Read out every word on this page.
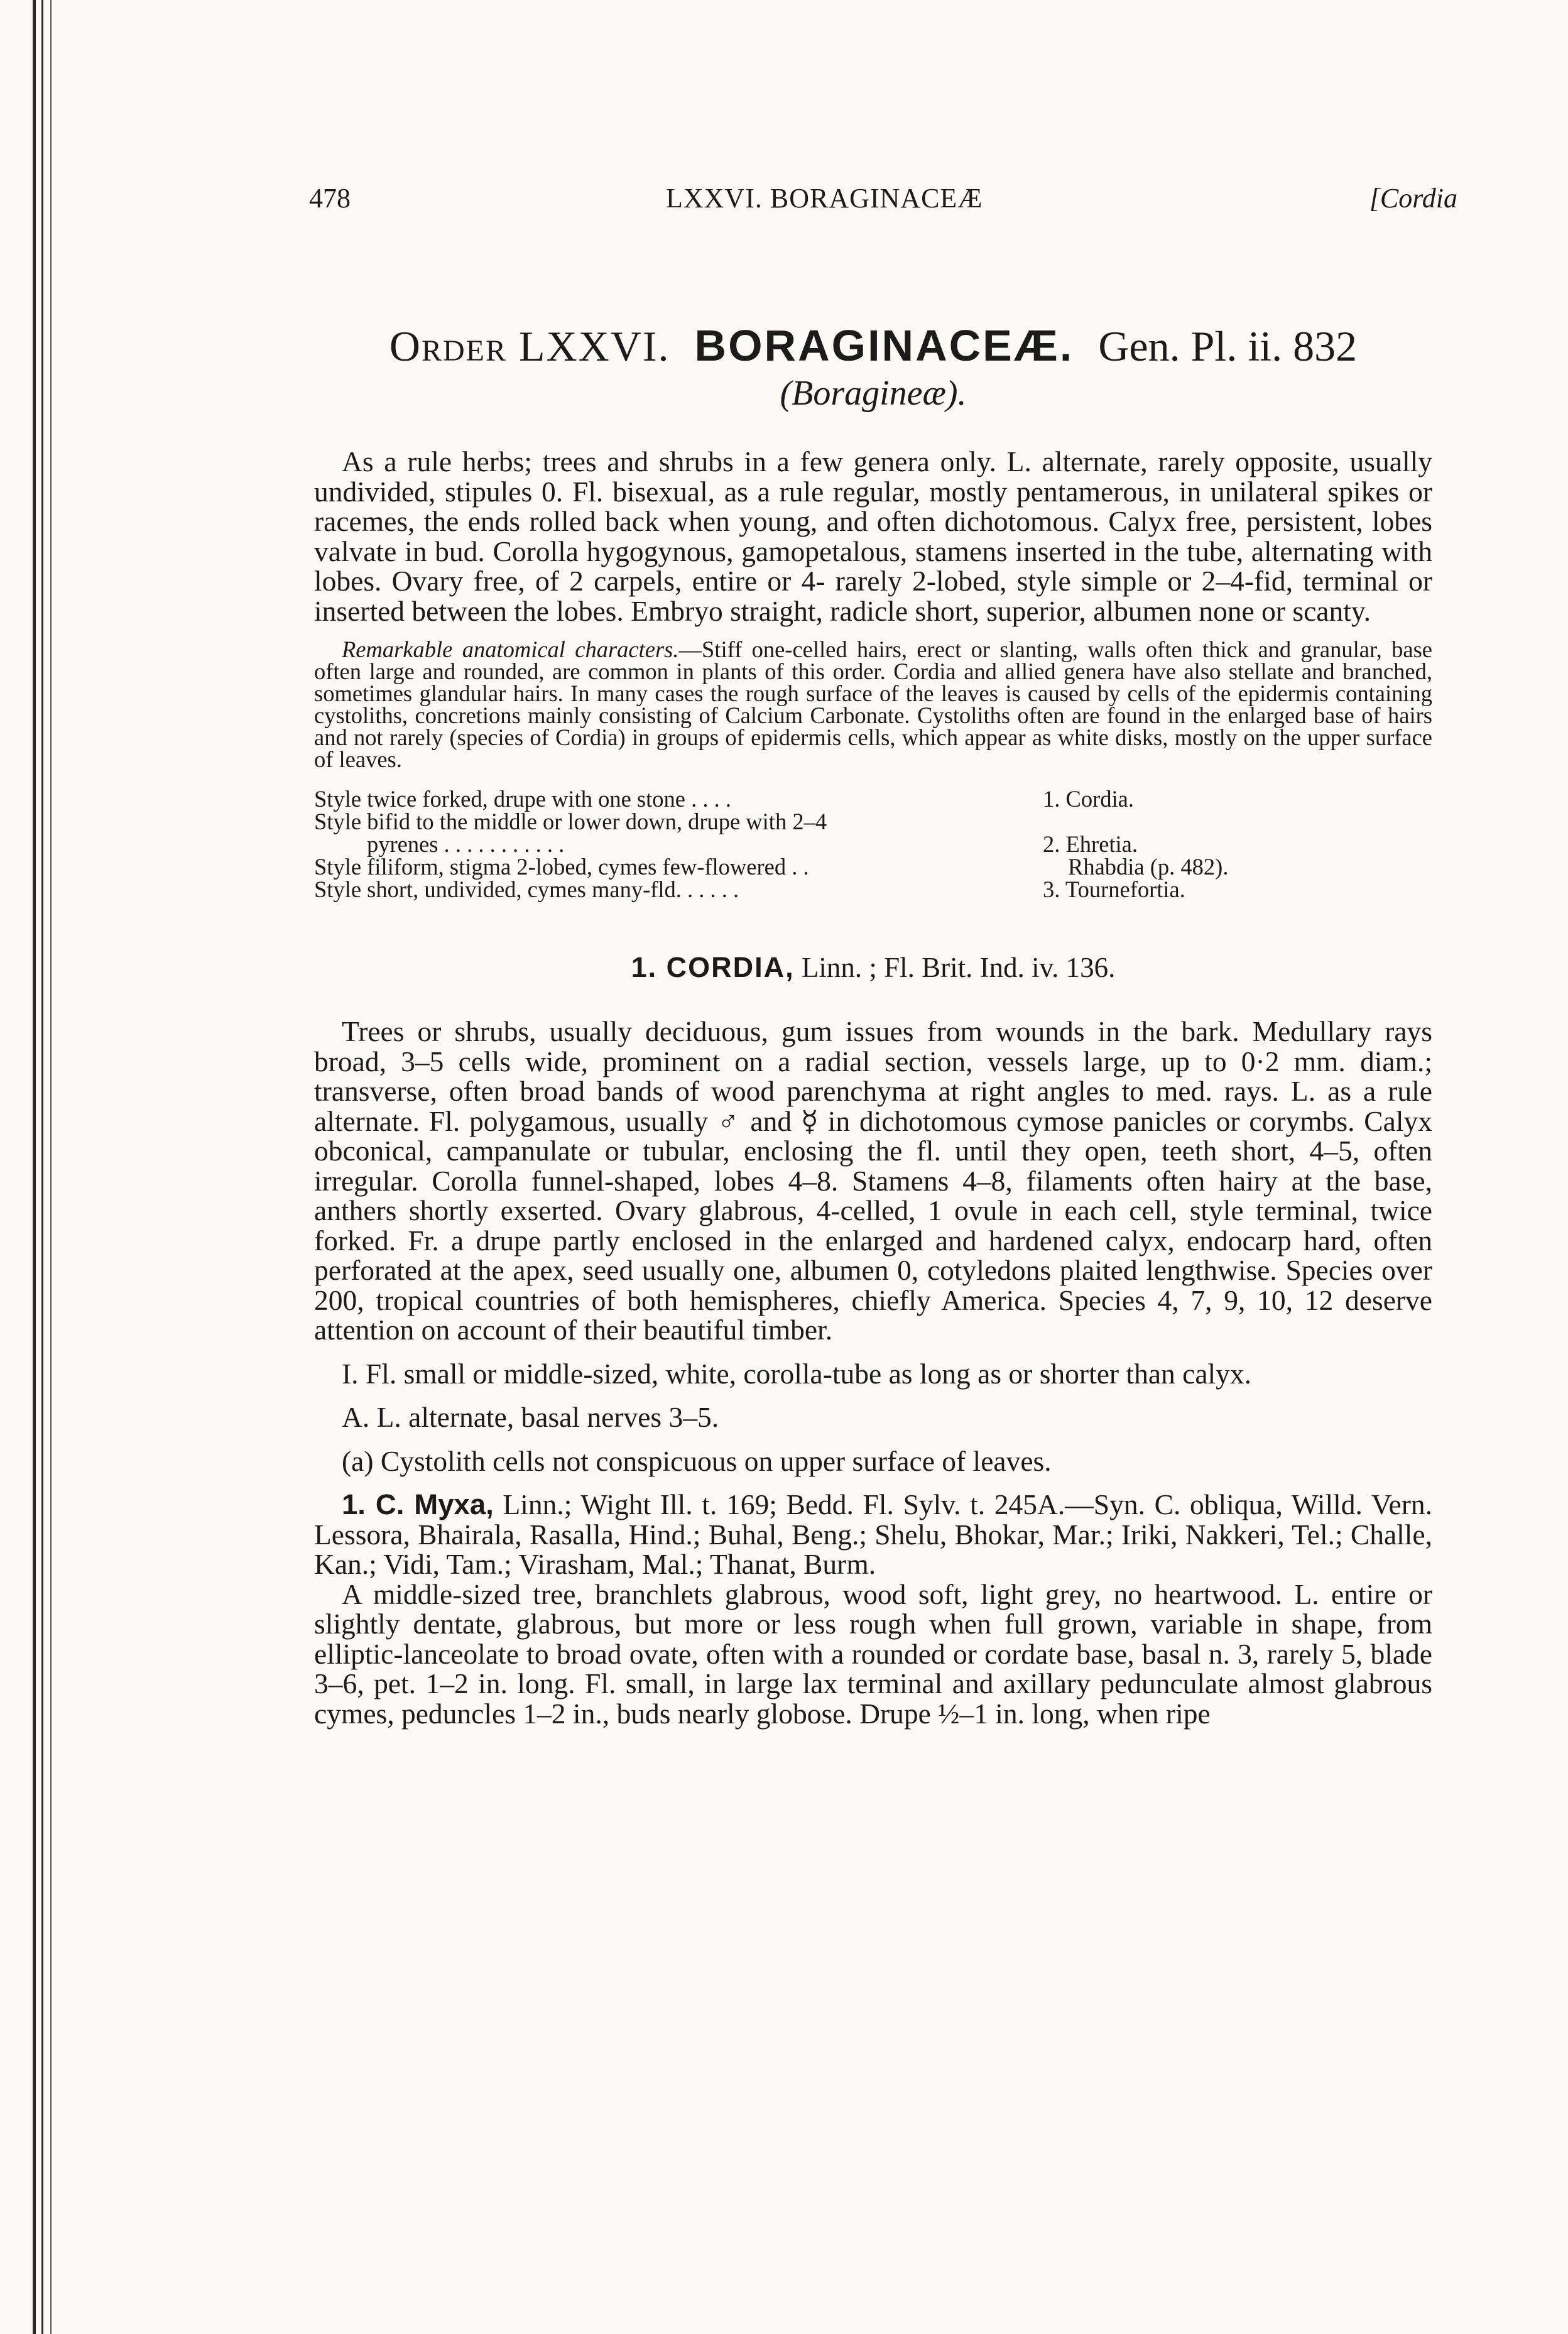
478	LXXVI. BORAGINACEÆ	[Cordia
Order LXXVI. BORAGINACEÆ. Gen. Pl. ii. 832
(Boragineæ).

As a rule herbs; trees and shrubs in a few genera only. L. alternate, rarely opposite, usually undivided, stipules 0. Fl. bisexual, as a rule regular, mostly pentamerous, in unilateral spikes or racemes, the ends rolled back when young, and often dichotomous. Calyx free, persistent, lobes valvate in bud. Corolla hygogynous, gamopetalous, stamens inserted in the tube, alternating with lobes. Ovary free, of 2 carpels, entire or 4- rarely 2-lobed, style simple or 2–4-fid, terminal or inserted between the lobes. Embryo straight, radicle short, superior, albumen none or scanty.

Remarkable anatomical characters.—Stiff one-celled hairs, erect or slanting, walls often thick and granular, base often large and rounded, are common in plants of this order. Cordia and allied genera have also stellate and branched, sometimes glandular hairs. In many cases the rough surface of the leaves is caused by cells of the epidermis containing cystoliths, concretions mainly consisting of Calcium Carbonate. Cystoliths often are found in the enlarged base of hairs and not rarely (species of Cordia) in groups of epidermis cells, which appear as white disks, mostly on the upper surface of leaves.

Style twice forked, drupe with one stone . . . .	1. Cordia.
Style bifid to the middle or lower down, drupe with 2–4
pyrenes . . . . . . . . . . .	2. Ehretia.
Style filiform, stigma 2-lobed, cymes few-flowered . .	Rhabdia (p. 482).
Style short, undivided, cymes many-fld. . . . . .	3. Tournefortia.
1. CORDIA, Linn. ; Fl. Brit. Ind. iv. 136.

Trees or shrubs, usually deciduous, gum issues from wounds in the bark. Medullary rays broad, 3–5 cells wide, prominent on a radial section, vessels large, up to 0·2 mm. diam.; transverse, often broad bands of wood parenchyma at right angles to med. rays. L. as a rule alternate. Fl. polygamous, usually ♂ and ☿ in dichotomous cymose panicles or corymbs. Calyx obconical, campanulate or tubular, enclosing the fl. until they open, teeth short, 4–5, often irregular. Corolla funnel-shaped, lobes 4–8. Stamens 4–8, filaments often hairy at the base, anthers shortly exserted. Ovary glabrous, 4-celled, 1 ovule in each cell, style terminal, twice forked. Fr. a drupe partly enclosed in the enlarged and hardened calyx, endocarp hard, often perforated at the apex, seed usually one, albumen 0, cotyledons plaited lengthwise. Species over 200, tropical countries of both hemispheres, chiefly America. Species 4, 7, 9, 10, 12 deserve attention on account of their beautiful timber.

I. Fl. small or middle-sized, white, corolla-tube as long as or shorter than calyx.

A. L. alternate, basal nerves 3–5.

(a) Cystolith cells not conspicuous on upper surface of leaves.

1. C. Myxa, Linn.; Wight Ill. t. 169; Bedd. Fl. Sylv. t. 245A.—Syn. C. obliqua, Willd. Vern. Lessora, Bhairala, Rasalla, Hind.; Buhal, Beng.; Shelu, Bhokar, Mar.; Iriki, Nakkeri, Tel.; Challe, Kan.; Vidi, Tam.; Virasham, Mal.; Thanat, Burm.

A middle-sized tree, branchlets glabrous, wood soft, light grey, no heartwood. L. entire or slightly dentate, glabrous, but more or less rough when full grown, variable in shape, from elliptic-lanceolate to broad ovate, often with a rounded or cordate base, basal n. 3, rarely 5, blade 3–6, pet. 1–2 in. long. Fl. small, in large lax terminal and axillary pedunculate almost glabrous cymes, peduncles 1–2 in., buds nearly globose. Drupe ½–1 in. long, when ripe
